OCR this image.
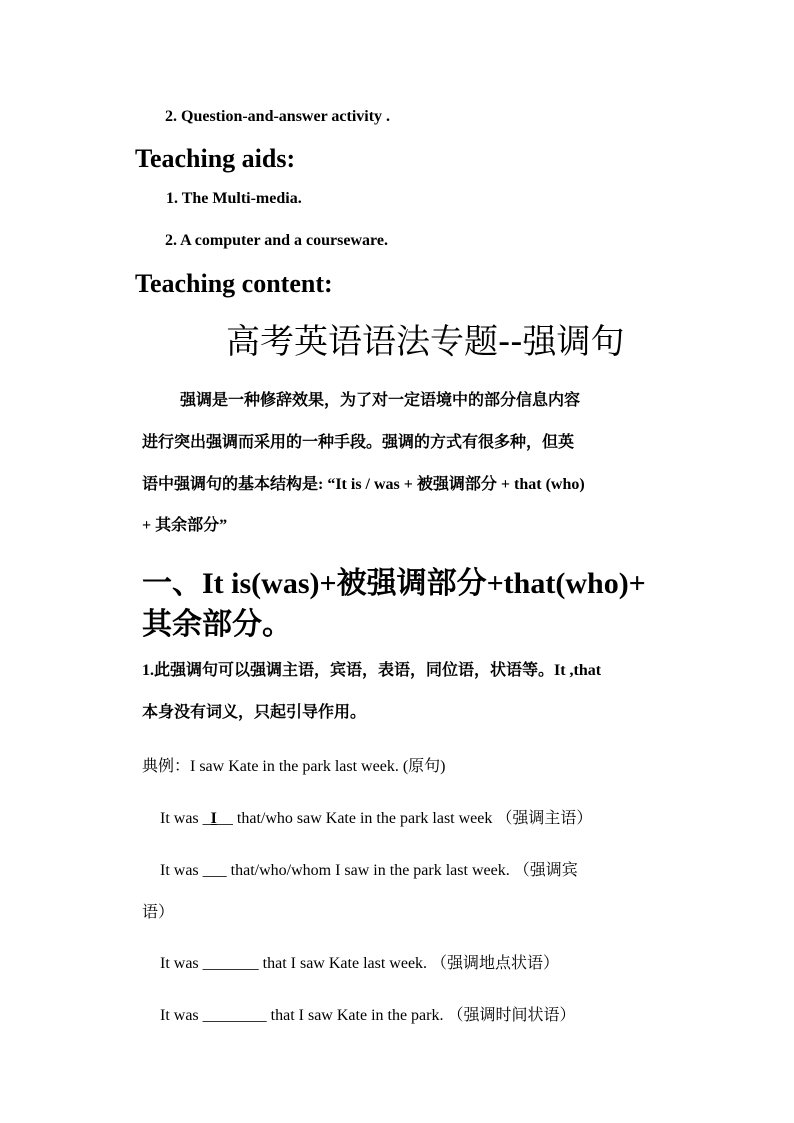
2. Question-and-answer activity .
Teaching aids:
1. The Multi-media.
2. A computer and a courseware.
Teaching content:
高考英语语法专题--强调句
强调是一种修辞效果，为了对一定语境中的部分信息内容
进行突出强调而采用的一种手段。强调的方式有很多种，但英
语中强调句的基本结构是: “It is / was + 被强调部分 + that (who)
+ 其余部分”
一、It is(was)+被强调部分+that(who)+
其余部分。
1.此强调句可以强调主语，宾语，表语，同位语，状语等。It ,that
本身没有词义，只起引导作用。
典例：I saw Kate in the park last week. (原句)
It was _I__ that/who saw Kate in the park last week （强调主语）
It was ___ that/who/whom I saw in the park last week. （强调宾
语）
It was _______ that I saw Kate last week. （强调地点状语）
It was ________ that I saw Kate in the park. （强调时间状语）
